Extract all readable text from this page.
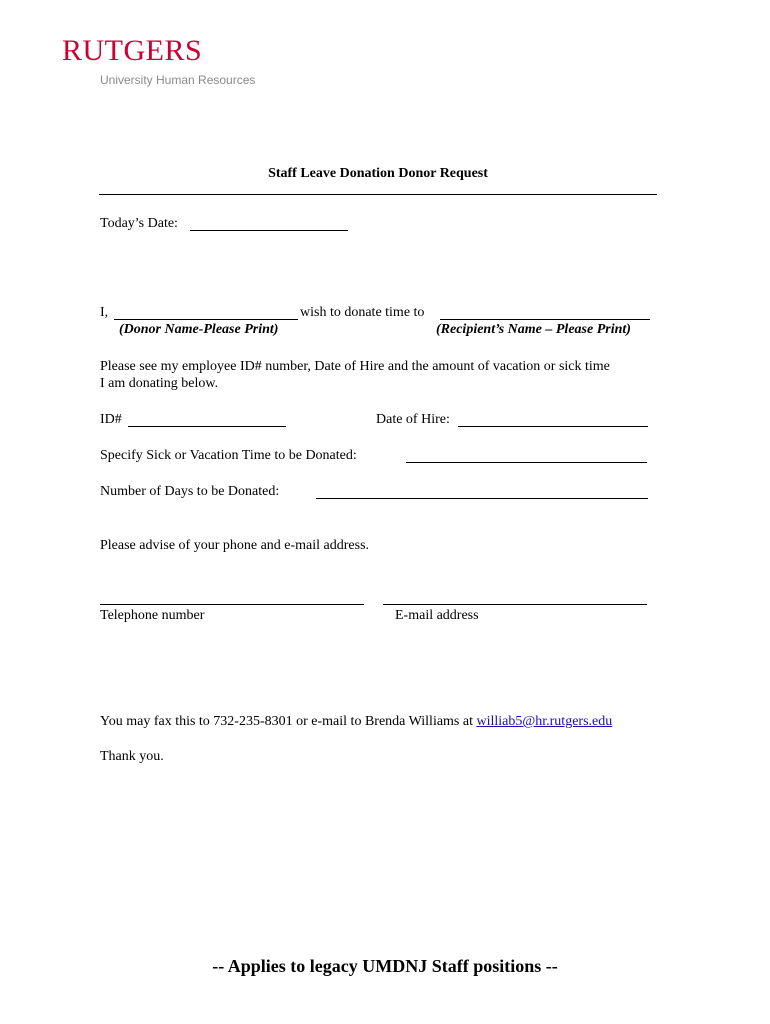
RUTGERS
University Human Resources
Staff Leave Donation Donor Request
Today’s Date:
I,	wish to donate time to
(Donor Name-Please Print)	(Recipient’s Name – Please Print)
Please see my employee ID# number, Date of Hire and the amount of vacation or sick time
I am donating below.
ID#	Date of Hire:
Specify Sick or Vacation Time to be Donated:
Number of Days to be Donated:
Please advise of your phone and e-mail address.
Telephone number	E-mail address
You may fax this to 732-235-8301 or e-mail to Brenda Williams at williab5@hr.rutgers.edu
Thank you.
-- Applies to legacy UMDNJ Staff positions --
